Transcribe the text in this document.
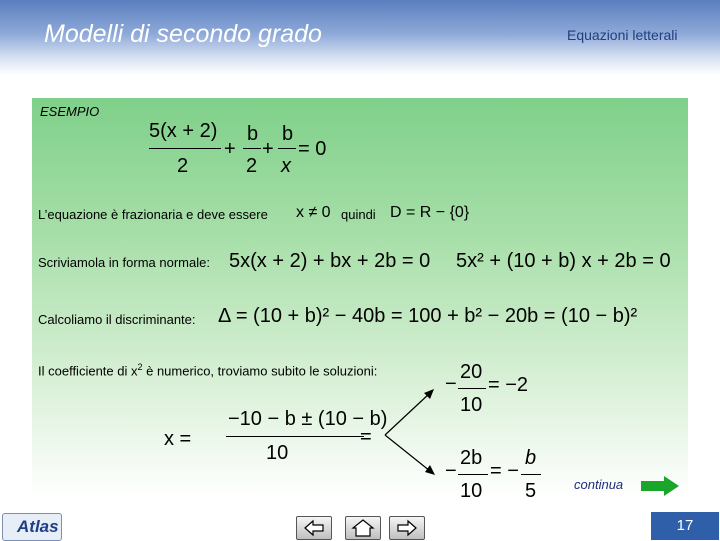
Modelli di secondo grado	Equazioni letterali
ESEMPIO
5(x + 2)
2
+
b
2
+
b
x
= 0
L’equazione è frazionaria e deve essere x ≠ 0 quindi D = R − {0}
Scriviamola in forma normale: 5x(x + 2) + bx + 2b = 0 5x² + (10 + b) x + 2b = 0
Calcoliamo il discriminante: Δ = (10 + b)² − 40b = 100 + b² − 20b = (10 − b)²
Il coefficiente di $x^2$ è numerico, troviamo subito le soluzioni:
x =
−10 − b ± (10 − b)
10
=
−
20
10
= −2
−
2b
10
= −
b
5	continua
Atlas	17
